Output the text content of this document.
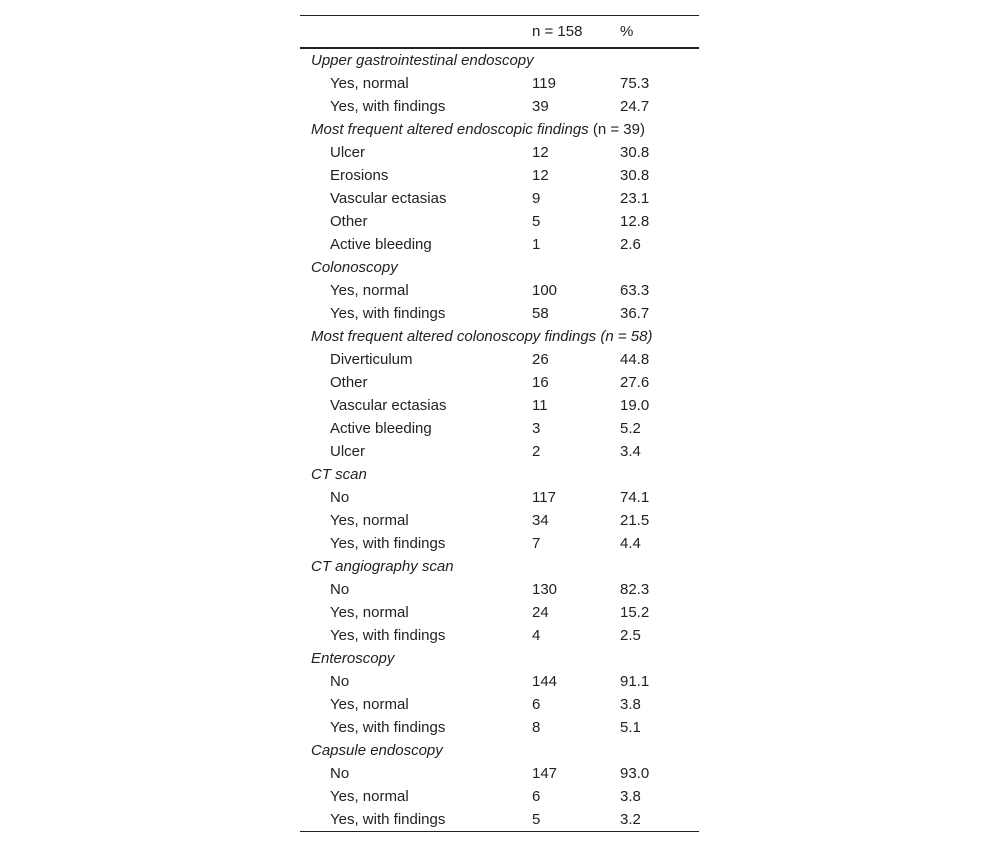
	n = 158	%
Upper gastrointestinal endoscopy		
Yes, normal	119	75.3
Yes, with findings	39	24.7
Most frequent altered endoscopic findings (n = 39)		
Ulcer	12	30.8
Erosions	12	30.8
Vascular ectasias	9	23.1
Other	5	12.8
Active bleeding	1	2.6
Colonoscopy		
Yes, normal	100	63.3
Yes, with findings	58	36.7
Most frequent altered colonoscopy findings (n = 58)		
Diverticulum	26	44.8
Other	16	27.6
Vascular ectasias	11	19.0
Active bleeding	3	5.2
Ulcer	2	3.4
CT scan		
No	117	74.1
Yes, normal	34	21.5
Yes, with findings	7	4.4
CT angiography scan		
No	130	82.3
Yes, normal	24	15.2
Yes, with findings	4	2.5
Enteroscopy		
No	144	91.1
Yes, normal	6	3.8
Yes, with findings	8	5.1
Capsule endoscopy		
No	147	93.0
Yes, normal	6	3.8
Yes, with findings	5	3.2
